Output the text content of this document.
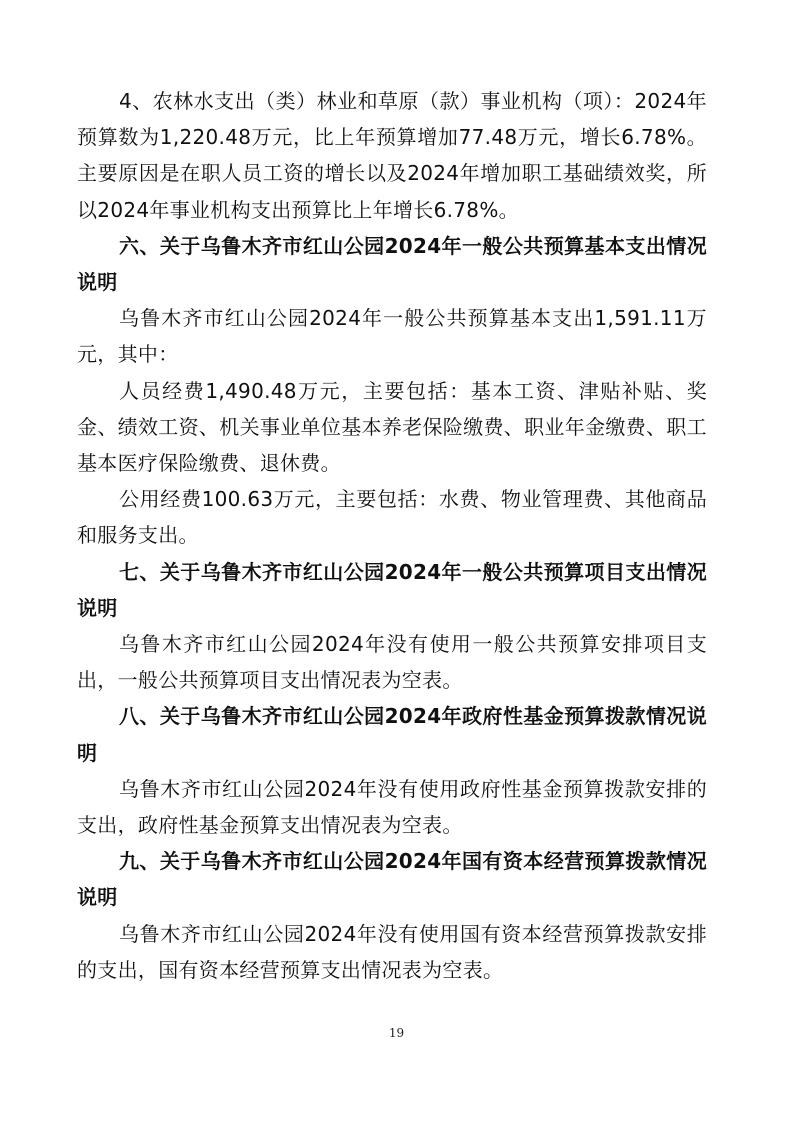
4、农林水支出（类）林业和草原（款）事业机构（项）：2024年预算数为1,220.48万元，比上年预算增加77.48万元，增长6.78%。主要原因是在职人员工资的增长以及2024年增加职工基础绩效奖，所以2024年事业机构支出预算比上年增长6.78%。

六、关于乌鲁木齐市红山公园2024年一般公共预算基本支出情况说明

乌鲁木齐市红山公园2024年一般公共预算基本支出1,591.11万元，其中：

人员经费1,490.48万元，主要包括：基本工资、津贴补贴、奖金、绩效工资、机关事业单位基本养老保险缴费、职业年金缴费、职工基本医疗保险缴费、退休费。

公用经费100.63万元，主要包括：水费、物业管理费、其他商品和服务支出。

七、关于乌鲁木齐市红山公园2024年一般公共预算项目支出情况说明

乌鲁木齐市红山公园2024年没有使用一般公共预算安排项目支出，一般公共预算项目支出情况表为空表。

八、关于乌鲁木齐市红山公园2024年政府性基金预算拨款情况说明

乌鲁木齐市红山公园2024年没有使用政府性基金预算拨款安排的支出，政府性基金预算支出情况表为空表。

九、关于乌鲁木齐市红山公园2024年国有资本经营预算拨款情况说明

乌鲁木齐市红山公园2024年没有使用国有资本经营预算拨款安排的支出，国有资本经营预算支出情况表为空表。

19
